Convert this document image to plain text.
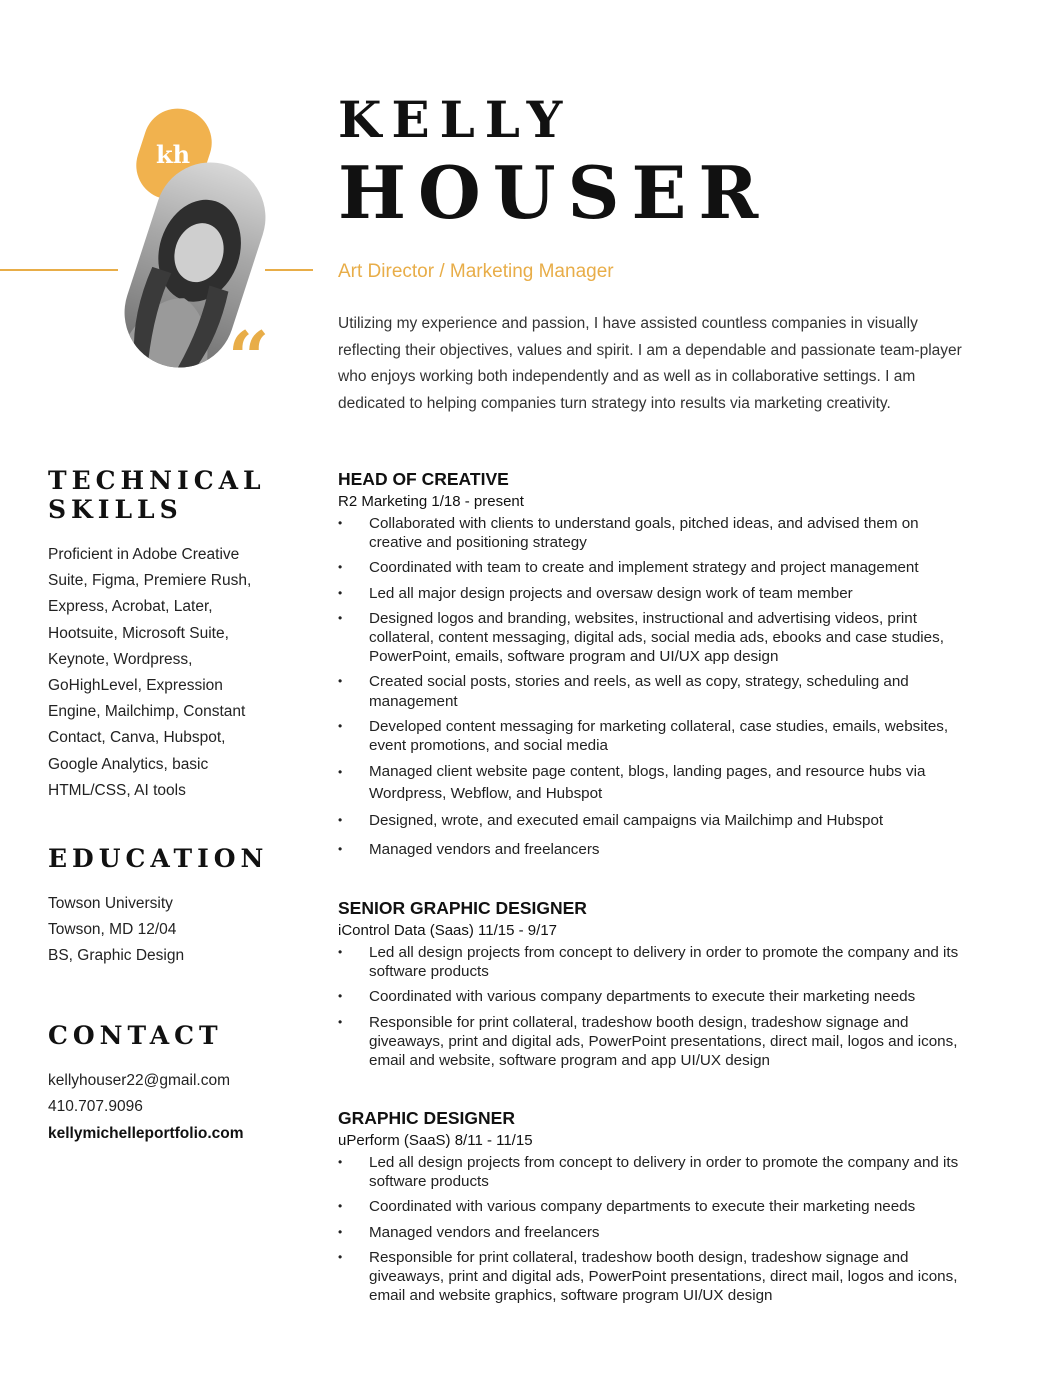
kh
“
KELLY
HOUSER
Art Director / Marketing Manager

Utilizing my experience and passion, I have assisted countless companies in visually reflecting their objectives, values and spirit. I am a dependable and passionate team-player who enjoys working both independently and as well as in collaborative settings. I am dedicated to helping companies turn strategy into results via marketing creativity.

TECHNICAL
SKILLS

Proficient in Adobe Creative Suite, Figma, Premiere Rush, Express, Acrobat, Later, Hootsuite, Microsoft Suite, Keynote, Wordpress, GoHighLevel, Expression Engine, Mailchimp, Constant Contact, Canva, Hubspot, Google Analytics, basic HTML/CSS, AI tools

EDUCATION

Towson University

Towson, MD 12/04

BS, Graphic Design

CONTACT

kellyhouser22@gmail.com

410.707.9096

kellymichelleportfolio.com

HEAD OF CREATIVE

R2 Marketing 1/18 - present

• Collaborated with clients to understand goals, pitched ideas, and advised them on creative and positioning strategy
• Coordinated with team to create and implement strategy and project management
• Led all major design projects and oversaw design work of team member
• Designed logos and branding, websites, instructional and advertising videos, print collateral, content messaging, digital ads, social media ads, ebooks and case studies, PowerPoint, emails, software program and UI/UX app design
• Created social posts, stories and reels, as well as copy, strategy, scheduling and management
• Developed content messaging for marketing collateral, case studies, emails, websites, event promotions, and social media
• Managed client website page content, blogs, landing pages, and resource hubs via Wordpress, Webflow, and Hubspot
• Designed, wrote, and executed email campaigns via Mailchimp and Hubspot
• Managed vendors and freelancers

SENIOR GRAPHIC DESIGNER

iControl Data (Saas) 11/15 - 9/17

• Led all design projects from concept to delivery in order to promote the company and its software products
• Coordinated with various company departments to execute their marketing needs
• Responsible for print collateral, tradeshow booth design, tradeshow signage and giveaways, print and digital ads, PowerPoint presentations, direct mail, logos and icons, email and website, software program and app UI/UX design

GRAPHIC DESIGNER

uPerform (SaaS) 8/11 - 11/15

• Led all design projects from concept to delivery in order to promote the company and its software products
• Coordinated with various company departments to execute their marketing needs
• Managed vendors and freelancers
• Responsible for print collateral, tradeshow booth design, tradeshow signage and giveaways, print and digital ads, PowerPoint presentations, direct mail, logos and icons, email and website graphics, software program UI/UX design
